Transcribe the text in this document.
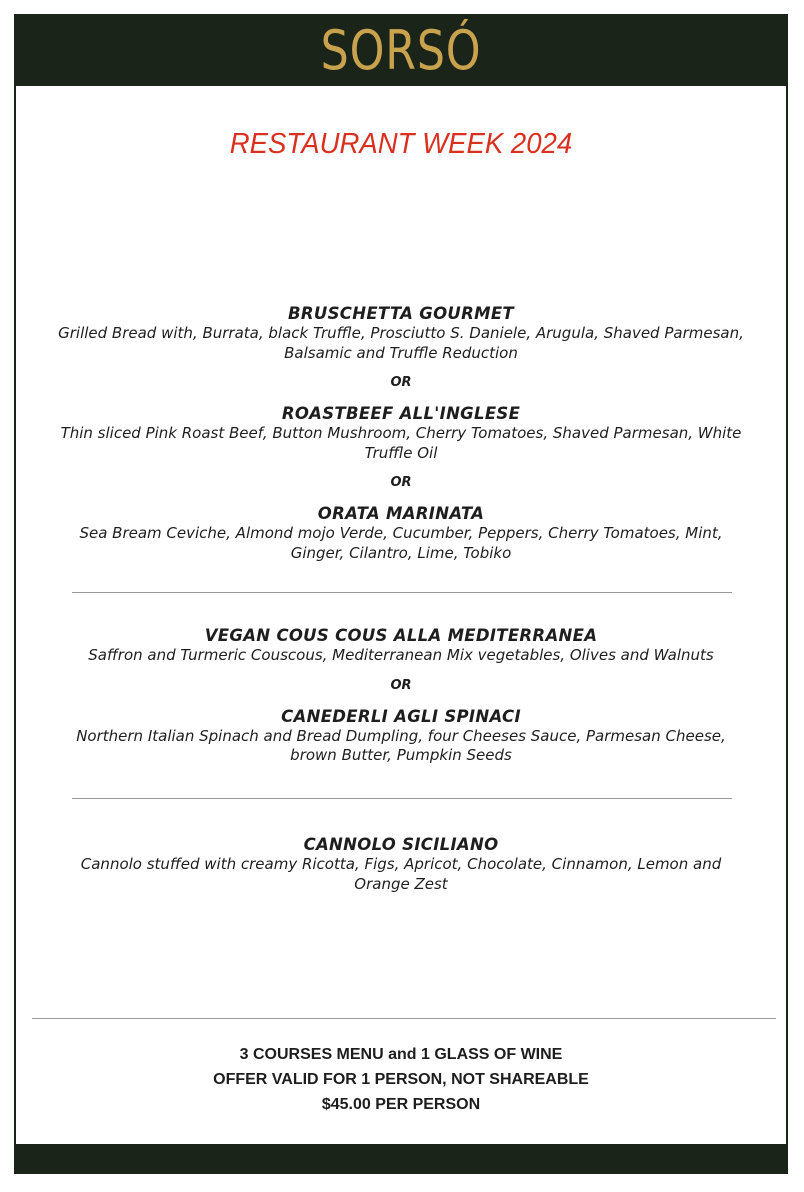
SORSÓ
RESTAURANT WEEK 2024

BRUSCHETTA GOURMET

Grilled Bread with, Burrata, black Truffle, Prosciutto S. Daniele, Arugula, Shaved Parmesan, Balsamic and Truffle Reduction

OR

ROASTBEEF ALL'INGLESE

Thin sliced Pink Roast Beef, Button Mushroom, Cherry Tomatoes, Shaved Parmesan, White Truffle Oil

OR

ORATA MARINATA

Sea Bream Ceviche, Almond mojo Verde, Cucumber, Peppers, Cherry Tomatoes, Mint, Ginger, Cilantro, Lime, Tobiko

VEGAN COUS COUS ALLA MEDITERRANEA

Saffron and Turmeric Couscous, Mediterranean Mix vegetables, Olives and Walnuts

OR

CANEDERLI AGLI SPINACI

Northern Italian Spinach and Bread Dumpling, four Cheeses Sauce, Parmesan Cheese, brown Butter, Pumpkin Seeds

CANNOLO SICILIANO

Cannolo stuffed with creamy Ricotta, Figs, Apricot, Chocolate, Cinnamon, Lemon and Orange Zest

3 COURSES MENU and 1 GLASS OF WINE
OFFER VALID FOR 1 PERSON, NOT SHAREABLE
$45.00 PER PERSON
